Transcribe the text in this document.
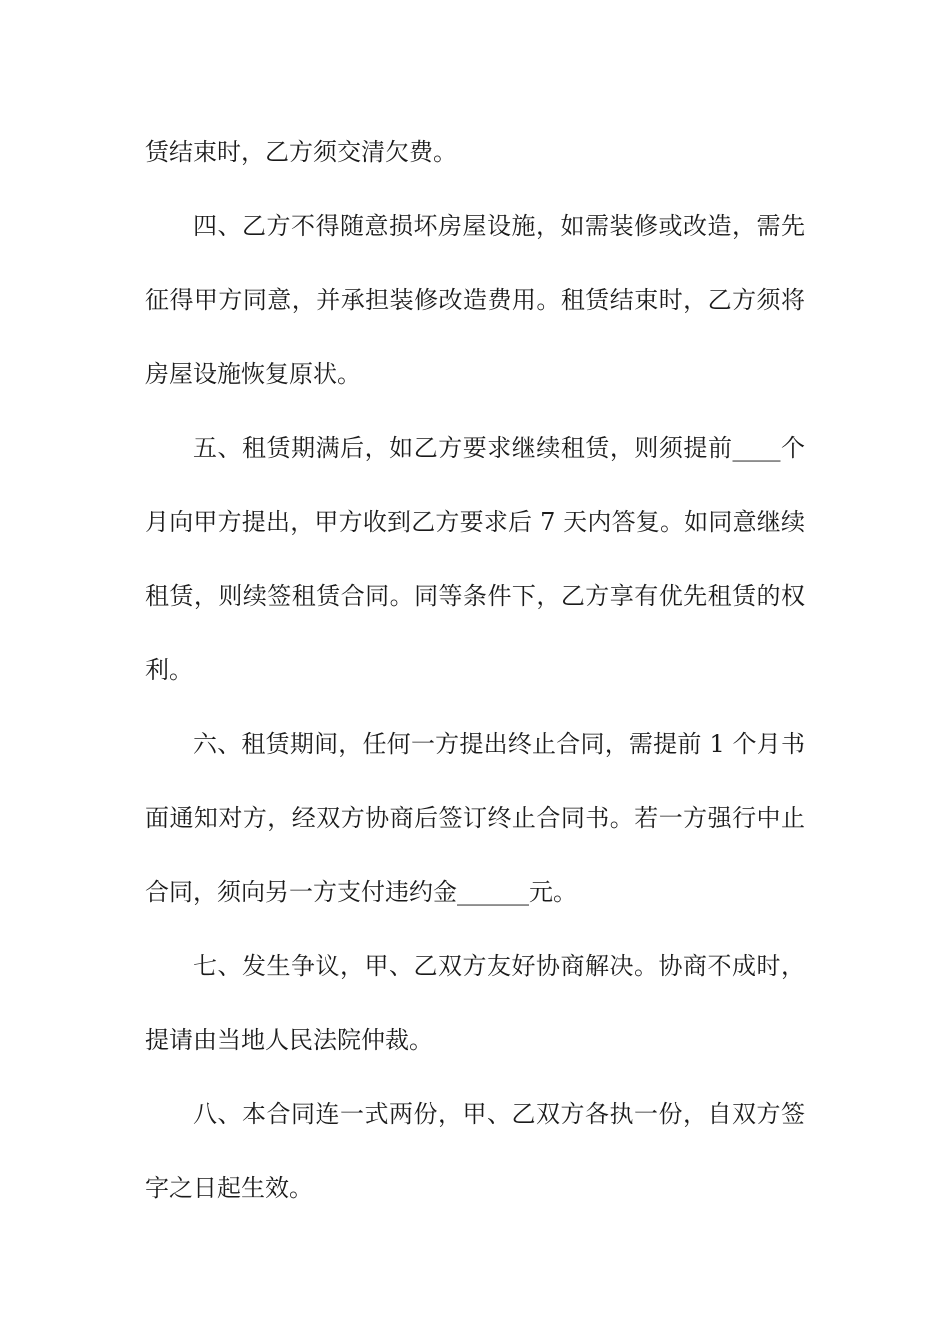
赁结束时，乙方须交清欠费。
四、乙方不得随意损坏房屋设施，如需装修或改造，需先
征得甲方同意，并承担装修改造费用。租赁结束时，乙方须将
房屋设施恢复原状。
五、租赁期满后，如乙方要求继续租赁，则须提前____个
月向甲方提出，甲方收到乙方要求后 7 天内答复。如同意继续
租赁，则续签租赁合同。同等条件下，乙方享有优先租赁的权
利。
六、租赁期间，任何一方提出终止合同，需提前 1 个月书
面通知对方，经双方协商后签订终止合同书。若一方强行中止
合同，须向另一方支付违约金______元。
七、发生争议，甲、乙双方友好协商解决。协商不成时，
提请由当地人民法院仲裁。
八、本合同连一式两份，甲、乙双方各执一份，自双方签
字之日起生效。
